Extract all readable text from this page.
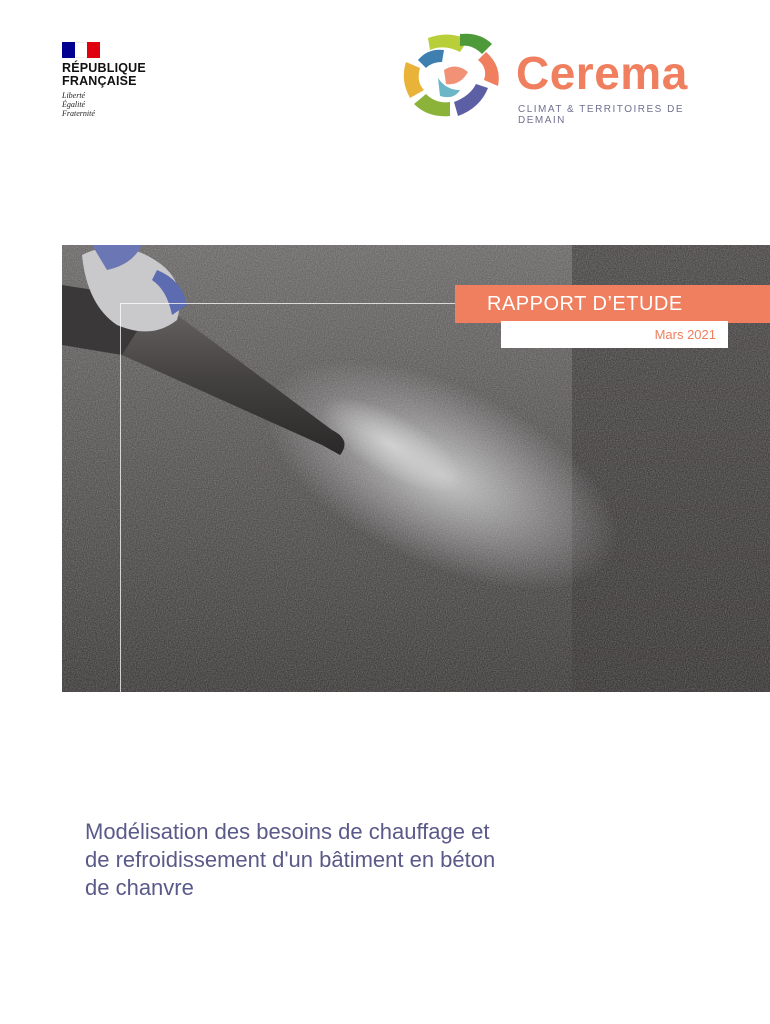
RÉPUBLIQUE
FRANÇAISE
Liberté
Égalité
Fraternité
Cerema
CLIMAT & TERRITOIRES DE DEMAIN
RAPPORT D’ETUDE
Mars 2021
Modélisation des besoins de chauffage et
de refroidissement d'un bâtiment en béton
de chanvre
